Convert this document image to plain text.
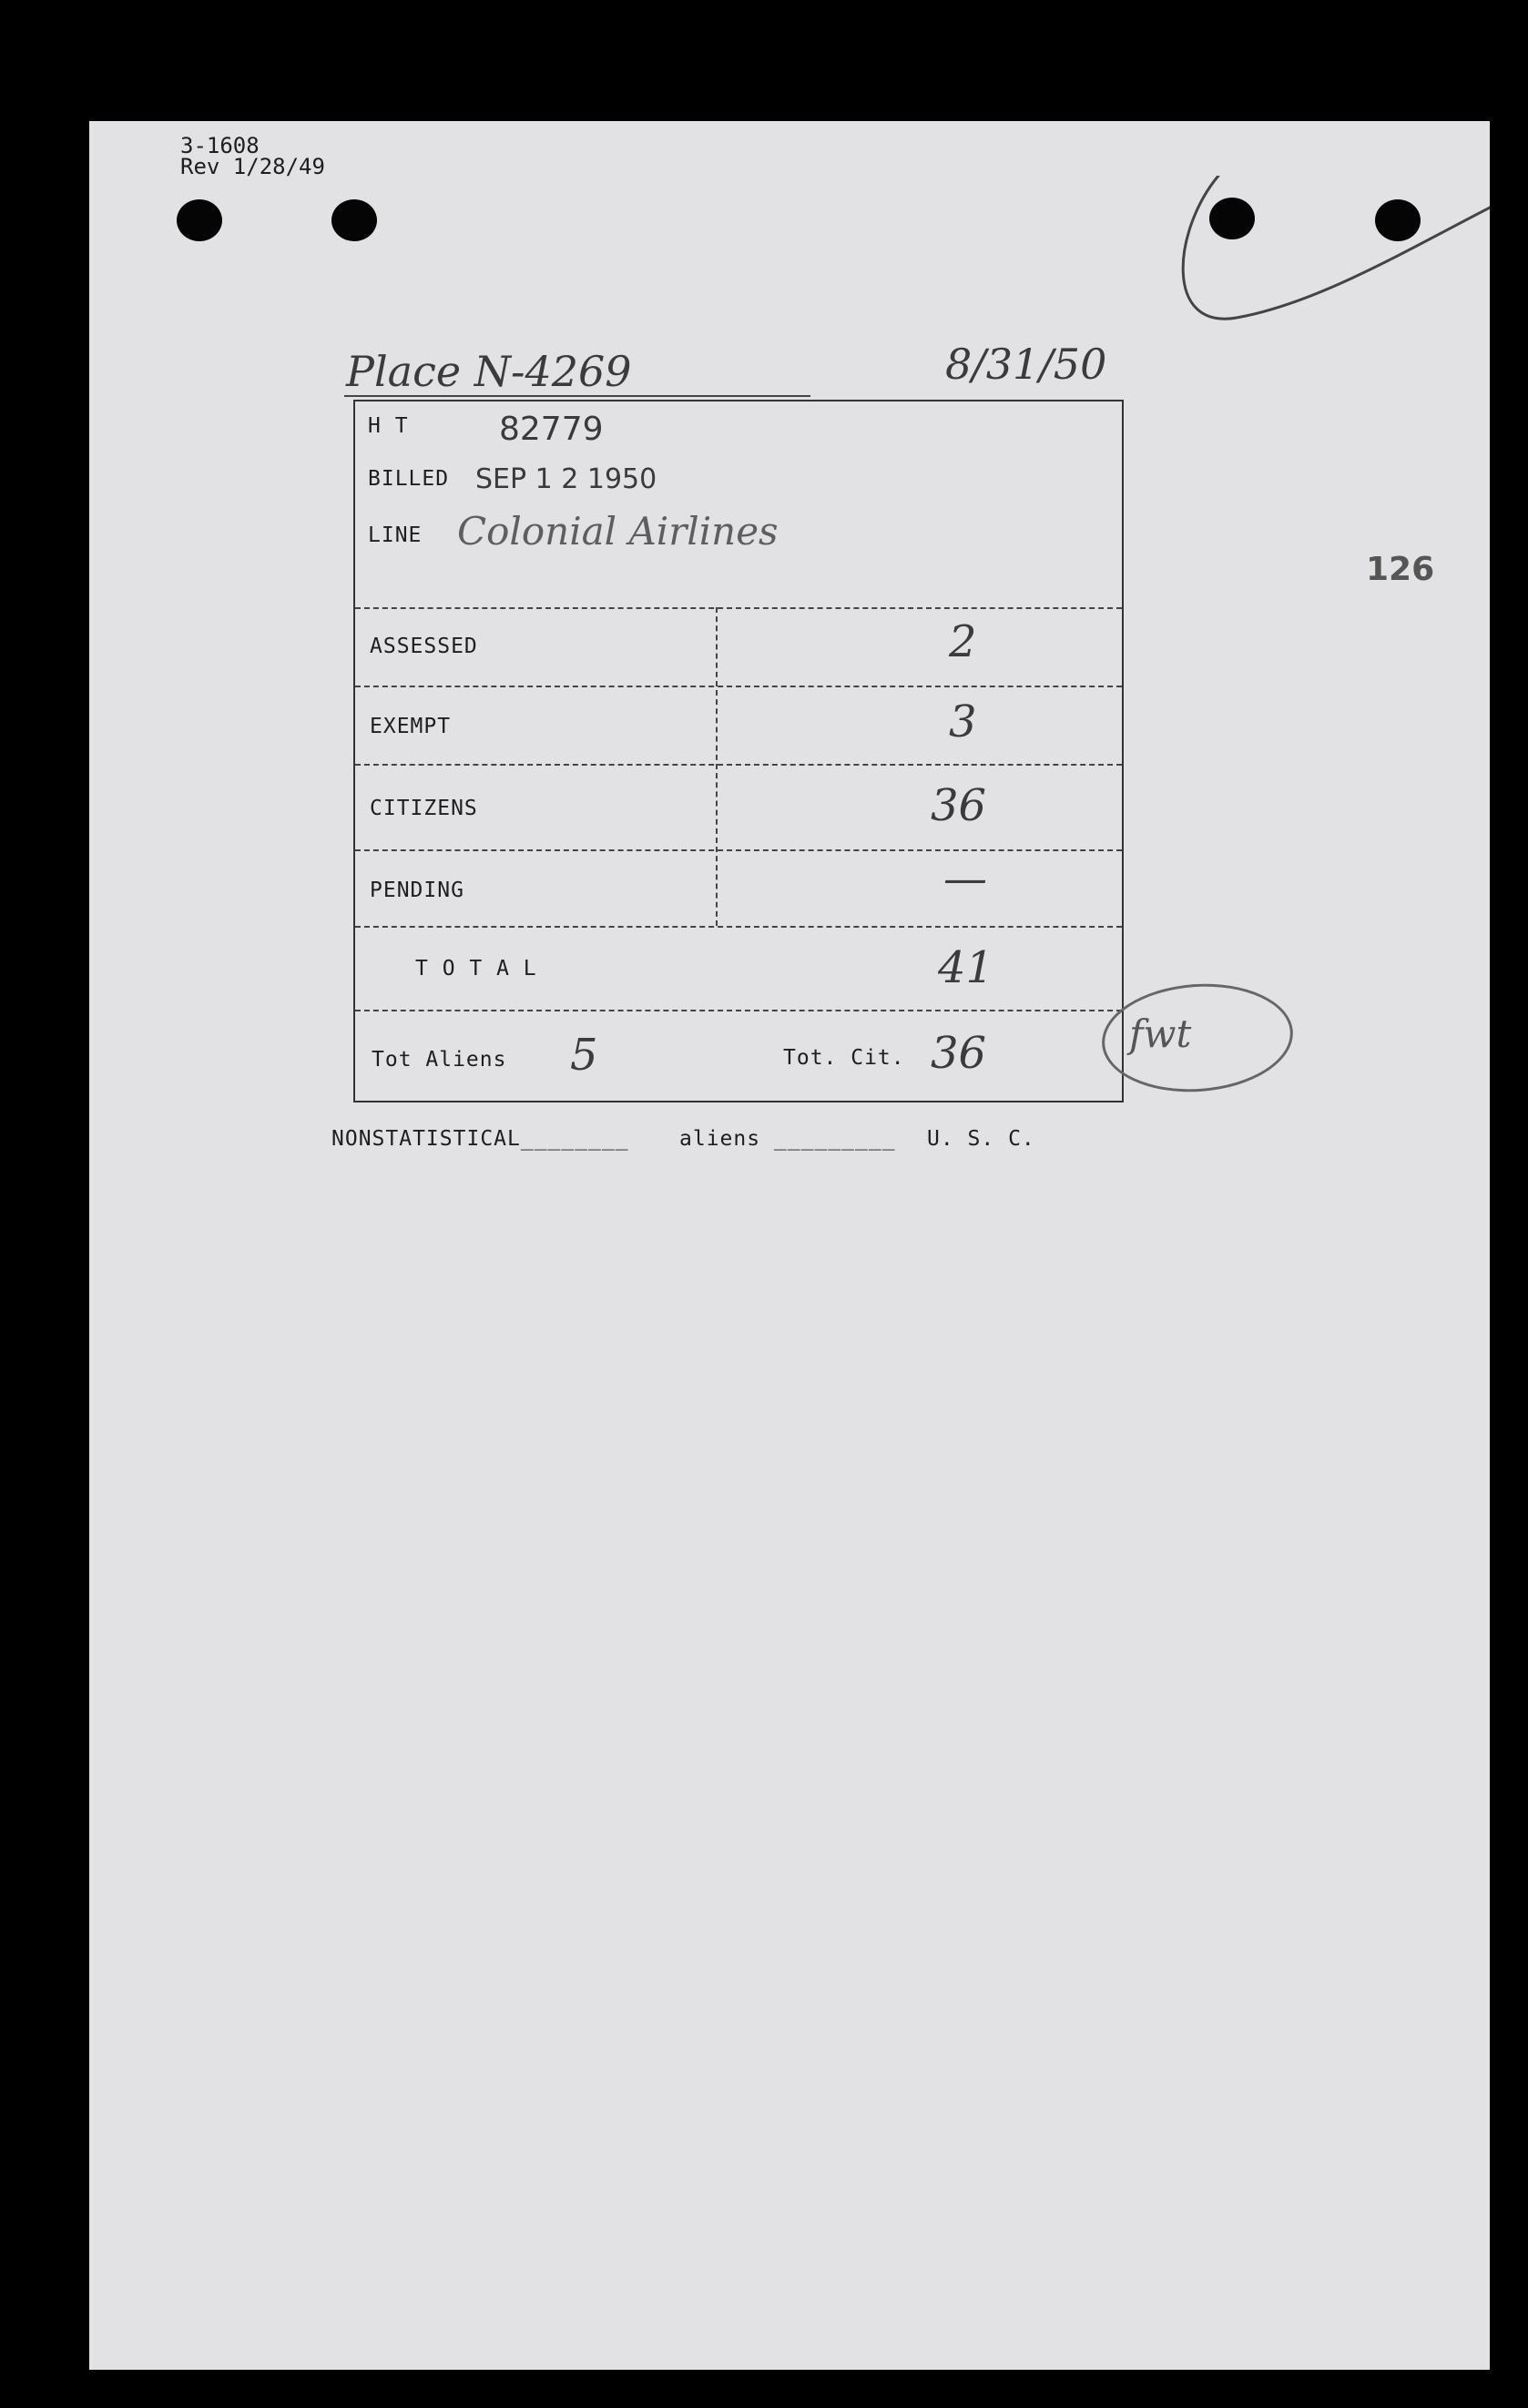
3-1608
Rev 1/28/49
Place N-4269	8/31/50
126
H T	82779
BILLED SEP 1 2 1950
LINE Colonial Airlines
ASSESSED	2
EXEMPT	3
CITIZENS	36
PENDING	—
T O T A L	41
Tot Aliens 5	Tot. Cit. 36	fwt
NONSTATISTICAL________ aliens _________ U. S. C.
